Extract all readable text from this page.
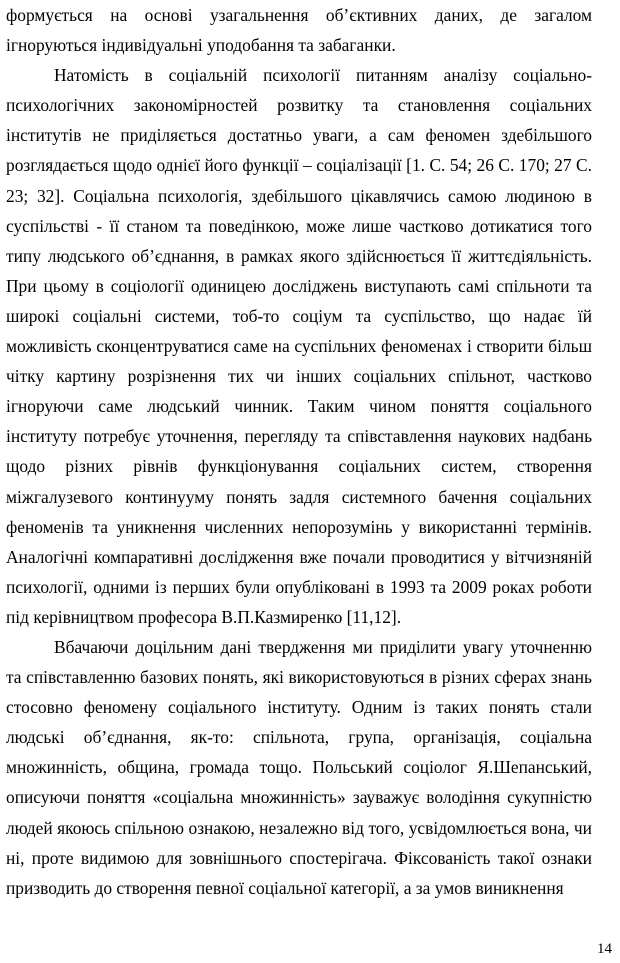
формується на основі узагальнення об’єктивних даних, де загалом ігноруються індивідуальні уподобання та забаганки.

Натомість в соціальній психології питанням аналізу соціально-психологічних закономірностей розвитку та становлення соціальних інститутів не приділяється достатньо уваги, а сам феномен здебільшого розглядається щодо однієї його функції – соціалізації [1. С. 54; 26 С. 170; 27 С. 23; 32]. Соціальна психологія, здебільшого цікавлячись самою людиною в суспільстві - її станом та поведінкою, може лише частково дотикатися того типу людського об’єднання, в рамках якого здійснюється її життєдіяльність. При цьому в соціології одиницею досліджень виступають самі спільноти та широкі соціальні системи, тоб-то соціум та суспільство, що надає їй можливість сконцентруватися саме на суспільних феноменах і створити більш чітку картину розрізнення тих чи інших соціальних спільнот, частково ігноруючи саме людський чинник. Таким чином поняття соціального інституту потребує уточнення, перегляду та співставлення наукових надбань щодо різних рівнів функціонування соціальних систем, створення міжгалузевого континууму понять задля системного бачення соціальних феноменів та уникнення численних непорозумінь у використанні термінів. Аналогічні компаративні дослідження вже почали проводитися у вітчизняній психології, одними із перших були опубліковані в 1993 та 2009 роках роботи під керівництвом професора В.П.Казмиренко [11,12].

Вбачаючи доцільним дані твердження ми приділити увагу уточненню та співставленню базових понять, які використовуються в різних сферах знань стосовно феномену соціального інституту. Одним із таких понять стали людські об’єднання, як-то: спільнота, група, організація, соціальна множинність, община, громада тощо. Польський соціолог Я.Шепанський, описуючи поняття «соціальна множинність» зауважує володіння сукупністю людей якоюсь спільною ознакою, незалежно від того, усвідомлюється вона, чи ні, проте видимою для зовнішнього спостерігача. Фіксованість такої ознаки призводить до створення певної соціальної категорії, а за умов виникнення

14
